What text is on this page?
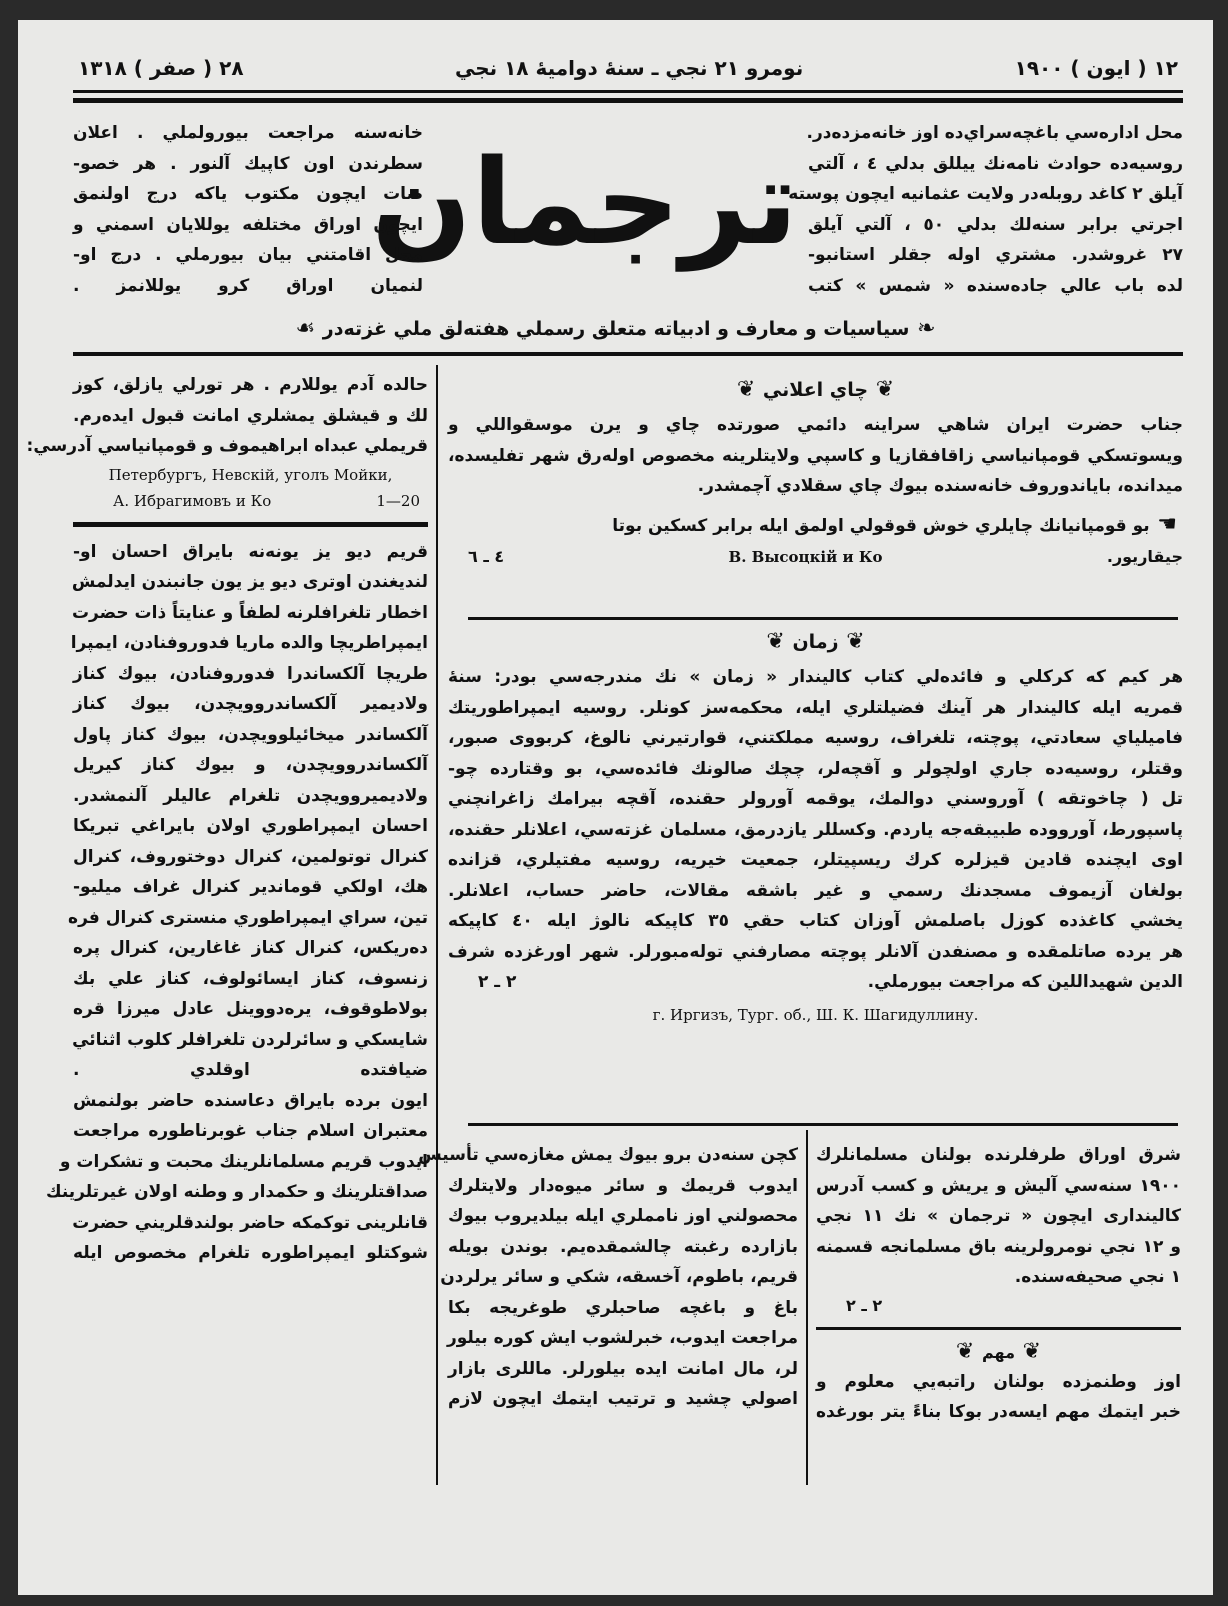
١٢ ( ايون ) ١٩٠٠
نومرو ٢١ نجي ـ سنهٔ دوامیهٔ ١٨ نجي
٢٨ ( صفر ) ١٣١٨

محل اداره‌سي باغچه‌سراي‌ده اوز خانه‌مزده‌در.

روسيه‌ده حوادث نامه‌نك ييللق بدلي ٤ ، آلتي

آيلق ٢ كاغد روبله‌در ولايت عثمانيه ايچون پوسته

اجرتي برابر سنه‌لك بدلي ٥٠ ، آلتي آيلق

٢٧ غروشدر. مشتري اوله جقلر استانبو-

لده باب عالي جاده‌سنده « شمس » كتب

ترجمان

خانه‌سنه مراجعت بيورولملي . اعلان

سطرندن اون كاپيك آلنور . هر خصو-

صات ايچون مكتوب ياكه درج اولنمق

ايچون اوراق مختلفه يوللايان اسمني و

محل اقامتني بيان بيورملي . درج او-

لنميان اوراق كرو يوللانمز .

❧ سياسيات و معارف و ادبياته متعلق رسملي هفته‌لق ملي غزته‌در ☙

حالده آدم يوللارم . هر تورلي يازلق، كوز

لك و قيشلق يمشلري امانت قبول ايده‌رم.

قريملي عبداه ابراهيموف و قومپانياسي آدرسي:

Петербургъ, Невскій, уголъ Мойки,
А. Ибрагимовъ и Ко	1—20

قريم ديو يز يونه‌نه بايراق احسان او-

لنديغندن اوترى ديو يز يون جانبندن ايدلمش

اخطار تلغرافلرنه لطفاً و عنايتاً ذات حضرت

ايمپراطريچا والده ماريا فدوروفنادن، ايمپرا

طريچا آلكساندرا فدوروفنادن، بيوك كناز

ولاديمير آلكساندروويچدن، بيوك كناز

آلكساندر ميخائيلوويچدن، بيوك كناز پاول

آلكساندروويچدن، و بيوك كناز كيريل

ولاديميروويچدن تلغرام عاليلر آلنمشدر.

احسان ايمپراطوري اولان بايراغي تبريكا

كنرال توتولمين، كنرال دوختوروف، كنرال

هك، اولكي قوماندير كنرال غراف ميليو-

تين، سراي ايمپراطوري منسترى كنرال فره

ده‌ريكس، كنرال كناز غاغارين، كنرال پره

زنسوف، كناز ايسائولوف، كناز علي بك

بولاطوقوف، يره‌دوو‌ينل عادل ميرزا قره

شايسكي و سائرلردن تلغرافلر كلوب اثنائي

ضيافتده اوقلدي .

ايون برده بايراق دعاسنده حاضر بولنمش

معتبران اسلام جناب غوبرناطوره مراجعت

ايدوب قريم مسلمانلرينك محبت و تشكرات و

صداقتلرينك و حكمدار و وطنه اولان غيرتلرينك

قانلرينی توكمكه حاضر بولندقلريني حضرت

شوكتلو ايمپراطوره تلغرام مخصوص ايله

❦ چاي اعلاني ❦

جناب حضرت ايران شاهي سراينه دائمي صورتده چاي و يرن موسقواللي و

ويسوتسكي قومپانياسي زاقافقازيا و كاسپي ولايتلرينه مخصوص اوله‌رق شهر تفليسده،

ميدانده، باياندوروف خانه‌سنده بيوك چاي سقلادي آچمشدر.

☚ بو قومپانيانك چايلري خوش قوقولي اولمق ايله برابر كسكين بوتا

٤ ـ ٦	В. Высоцкій и Ко	جيقاريور.
❦ زمان ❦

هر كيم كه كركلي و فائده‌لي كتاب كاليندار « زمان » نك مندرجه‌سي بودر: سنهٔ

قمريه ايله كاليندار هر آينك فضيلتلري ايله، محكمه‌سز كونلر. روسيه ايمپراطوريتك

فاميلياي سعادتي، پوچته، تلغراف، روسيه مملكتني، قوارتيرني نالوغ، كربووى صبور،

وقتلر، روسيه‌ده جاري اولچولر و آقچه‌لر، چچك صالونك فائده‌سي، بو وقتارده چو-

تل ( چاخوتقه ) آوروسني دوالمك، يوقمه آورولر حقنده، آقچه بيرامك زاغرانچني

پاسپورط، آورووده طبيبقه‌جه ياردم. وكسللر يازدرمق، مسلمان غزته‌سي، اعلانلر حقنده،

اوى ايچنده قادين قيزلره كرك ريسپيتلر، جمعيت خيريه، روسيه مفتيلري، قزانده

بولغان آزيموف مسجدنك رسمي و غير باشقه مقالات، حاضر حساب، اعلانلر.

يخشي كاغذده كوزل باصلمش آوزان كتاب حقي ٣٥ كاپيكه نالوژ ايله ٤٠ كاپيكه

هر يرده صاتلمقده و مصنفدن آلانلر پوچته مصارفني توله‌مبورلر. شهر اورغزده شرف

٢ ـ ٢	الدين شهيداللين كه مراجعت بيورملي.
г. Иргизъ, Тург. об., Ш. К. Шагидуллину.

كچن سنه‌دن برو بيوك يمش مغازه‌سي تأسيس

ايدوب قريمك و سائر ميوه‌دار ولايتلرك

محصولني اوز نامملري ايله بيلديروب بيوك

بازارده رغبته چالشمقده‌يم. بوندن بويله

قريم، باطوم، آخسقه، شكي و سائر يرلردن

باغ و باغچه صاحبلري طوغريجه بكا

مراجعت ايدوب، خبرلشوب ايش كوره بيلور

لر، مال امانت ايده بيلورلر. ماللرى بازار

اصولي چشيد و ترتيب ايتمك ايچون لازم

شرق اوراق طرفلرنده بولنان مسلمانلرك

١٩٠٠ سنه‌سي آليش و يريش و كسب آدرس

كاليندارى ايچون « ترجمان » نك ١١ نجي

و ١٢ نجي نومرولرينه باق مسلمانجه قسمنه

١ نجي صحيفه‌سنده.

٢ ـ ٢
❦ مهم ❦

اوز وطنمزده بولنان راتبه‌يي معلوم و

خبر ايتمك مهم ايسه‌در بوكا بناءً يتر بورغده
